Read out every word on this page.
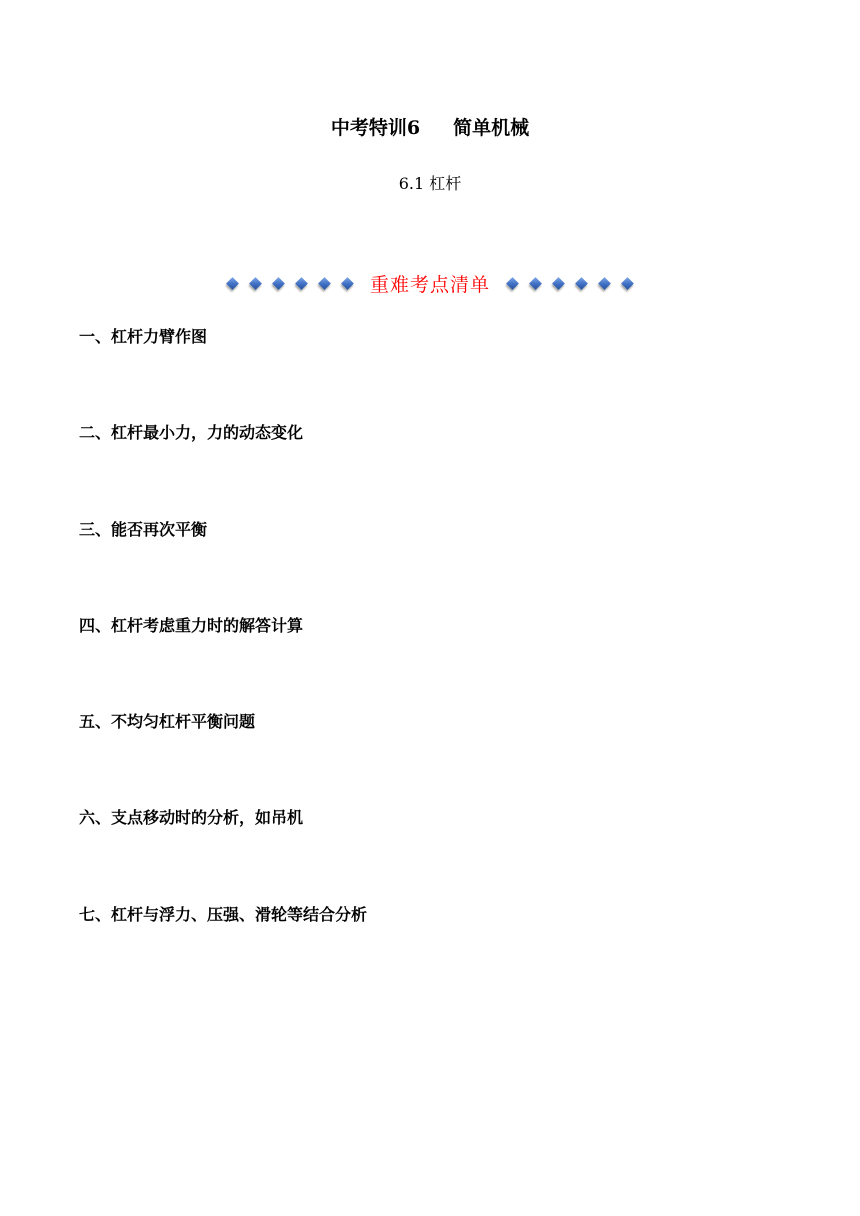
中考特训6     简单机械
6.1 杠杆
重难考点清单
一、杠杆力臂作图
二、杠杆最小力，力的动态变化
三、能否再次平衡
四、杠杆考虑重力时的解答计算
五、不均匀杠杆平衡问题
六、支点移动时的分析，如吊机
七、杠杆与浮力、压强、滑轮等结合分析
